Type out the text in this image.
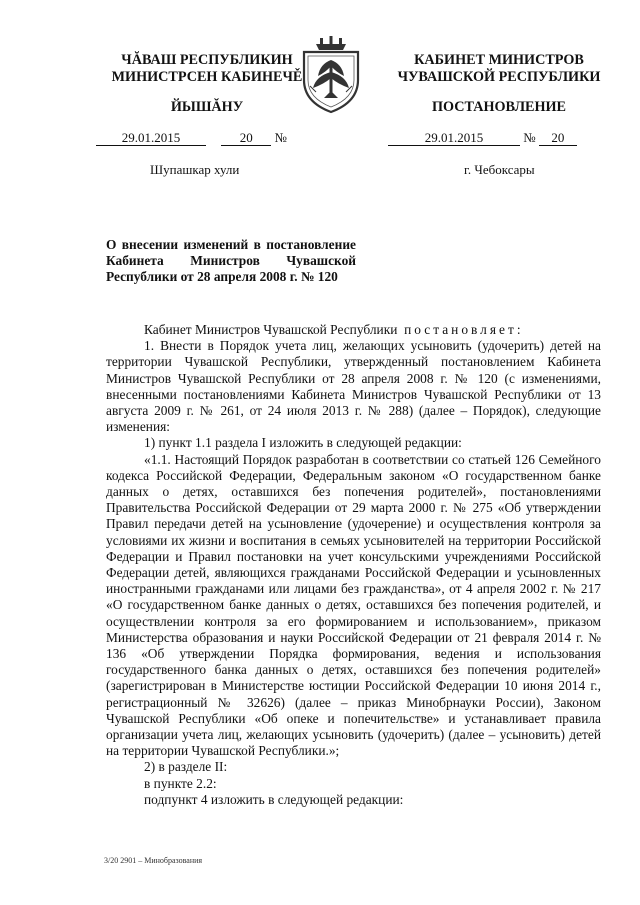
ЧĂВАШ РЕСПУБЛИКИН
МИНИСТРСЕН КАБИНЕЧĚ
ЙЫШĂНУ
КАБИНЕТ МИНИСТРОВ
ЧУВАШСКОЙ РЕСПУБЛИКИ
ПОСТАНОВЛЕНИЕ
29.01.2015	20 №	29.01.2015	№ 20
Шупашкар хули	г. Чебоксары
О внесении изменений в постановление Кабинета Министров Чувашской Республики от 28 апреля 2008 г. № 120

Кабинет Министров Чувашской Республики постановляет:

1. Внести в Порядок учета лиц, желающих усыновить (удочерить) детей на территории Чувашской Республики, утвержденный постановлением Кабинета Министров Чувашской Республики от 28 апреля 2008 г. № 120 (с изменениями, внесенными постановлениями Кабинета Министров Чувашской Республики от 13 августа 2009 г. № 261, от 24 июля 2013 г. № 288) (далее – Порядок), следующие изменения:

1) пункт 1.1 раздела I изложить в следующей редакции:

«1.1. Настоящий Порядок разработан в соответствии со статьей 126 Семейного кодекса Российской Федерации, Федеральным законом «О государственном банке данных о детях, оставшихся без попечения родителей», постановлениями Правительства Российской Федерации от 29 марта 2000 г. № 275 «Об утверждении Правил передачи детей на усыновление (удочерение) и осуществления контроля за условиями их жизни и воспитания в семьях усыновителей на территории Российской Федерации и Правил постановки на учет консульскими учреждениями Российской Федерации детей, являющихся гражданами Российской Федерации и усыновленных иностранными гражданами или лицами без гражданства», от 4 апреля 2002 г. № 217 «О государственном банке данных о детях, оставшихся без попечения родителей, и осуществлении контроля за его формированием и использованием», приказом Министерства образования и науки Российской Федерации от 21 февраля 2014 г. № 136 «Об утверждении Порядка формирования, ведения и использования государственного банка данных о детях, оставшихся без попечения родителей» (зарегистрирован в Министерстве юстиции Российской Федерации 10 июня 2014 г., регистрационный № 32626) (далее – приказ Минобрнауки России), Законом Чувашской Республики «Об опеке и попечительстве» и устанавливает правила организации учета лиц, желающих усыновить (удочерить) (далее – усыновить) детей на территории Чувашской Республики.»;

2) в разделе II:

в пункте 2.2:

подпункт 4 изложить в следующей редакции:

3/20 2901 – Минобразования
